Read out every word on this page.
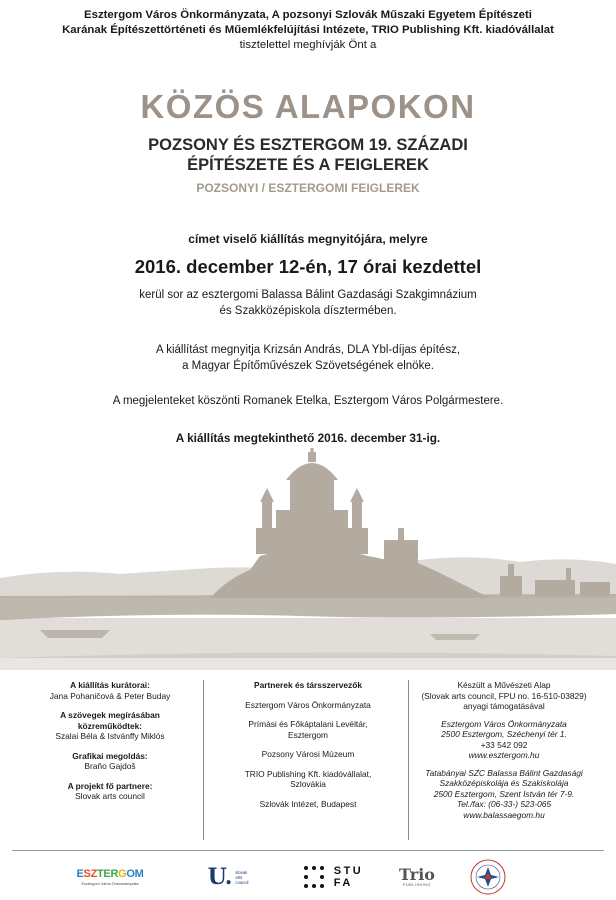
Esztergom Város Önkormányzata, A pozsonyi Szlovák Műszaki Egyetem Építészeti
Karának Építészettörténeti és Műemlékfelújítási Intézete, TRIO Publishing Kft. kiadóvállalat
tisztelettel meghívják Önt a
KÖZÖS ALAPOKON
POZSONY ÉS ESZTERGOM 19. SZÁZADI
ÉPÍTÉSZETE ÉS A FEIGLEREK
POZSONYI / ESZTERGOMI FEIGLEREK
címet viselő kiállítás megnyitójára, melyre
2016. december 12-én, 17 órai kezdettel
kerül sor az esztergomi Balassa Bálint Gazdasági Szakgimnázium
és Szakközépiskola dísztermében.
A kiállítást megnyitja Krizsán András, DLA Ybl-díjas építész,
a Magyar Építőművészek Szövetségének elnöke.
A megjelenteket köszönti Romanek Etelka, Esztergom Város Polgármestere.
A kiállítás megtekinthető 2016. december 31-ig.
A kiállítás kurátorai:
Jana Pohaničová & Peter Buday
A szövegek megírásában
közreműködtek:
Szalai Béla & Istvánffy Miklós
Grafikai megoldás:
Braňo Gajdoš
A projekt fő partnere:
Slovak arts council
Partnerek és társszervezők
Esztergom Város Önkormányzata
Prímási és Főkáptalani Levéltár,
Esztergom
Pozsony Városi Múzeum
TRIO Publishing Kft. kiadóvállalat,
Szlovákia
Szlovák Intézet, Budapest
Készült a Művészeti Alap
(Slovak arts council, FPU no. 16-510-03829)
anyagi támogatásával
Esztergom Város Önkormányzata
2500 Esztergom, Széchenyi tér 1.
+33 542 092
www.esztergom.hu
Tatabányai SZC Balassa Bálint Gazdasági
Szakközépiskolája és Szakiskolája
2500 Esztergom, Szent István tér 7-9.
Tel./fax: (06-33-) 523-065
www.balassaegom.hu
ESZTERGOM
Esztergom Város Önkormányzata	U. slovak
arts
council
STU
FA	Trio
PUBLISHING
